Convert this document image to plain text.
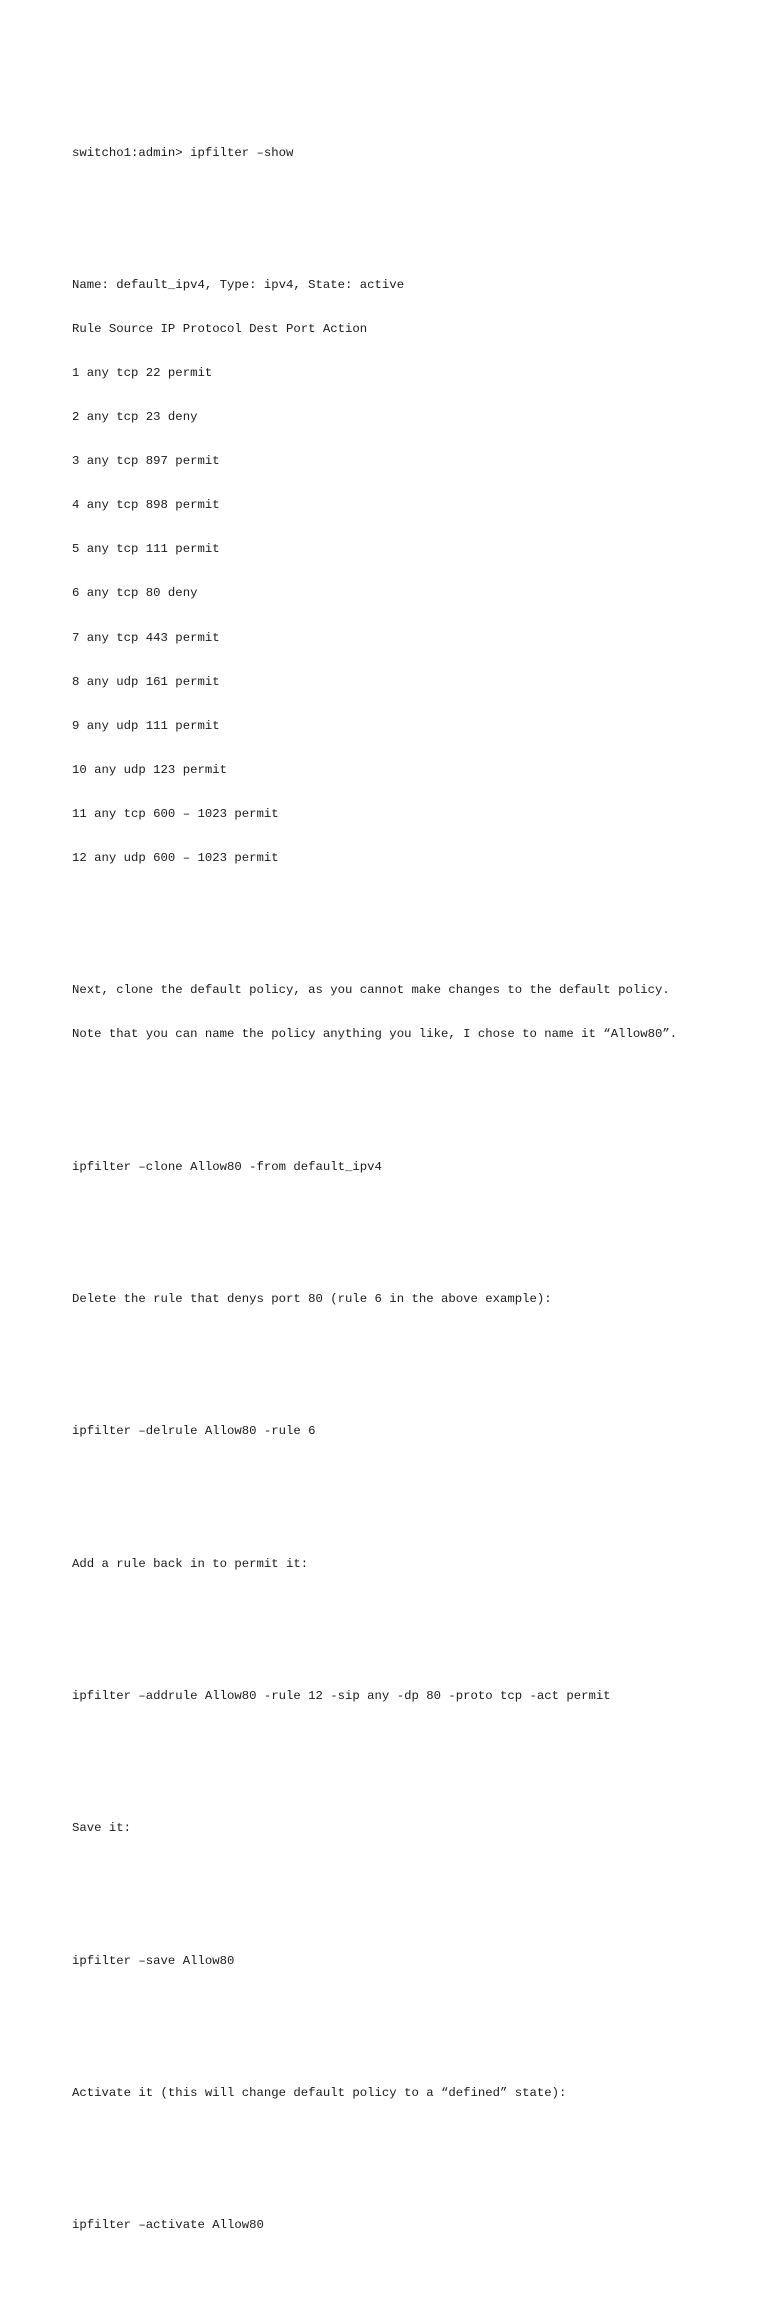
switcho1:admin> ipfilter –show

Name: default_ipv4, Type: ipv4, State: active

Rule Source IP Protocol Dest Port Action

1 any tcp 22 permit

2 any tcp 23 deny

3 any tcp 897 permit

4 any tcp 898 permit

5 any tcp 111 permit

6 any tcp 80 deny

7 any tcp 443 permit

8 any udp 161 permit

9 any udp 111 permit

10 any udp 123 permit

11 any tcp 600 – 1023 permit

12 any udp 600 – 1023 permit

Next, clone the default policy, as you cannot make changes to the default policy.

Note that you can name the policy anything you like, I chose to name it “Allow80”.

ipfilter –clone Allow80 -from default_ipv4

Delete the rule that denys port 80 (rule 6 in the above example):

ipfilter –delrule Allow80 -rule 6

Add a rule back in to permit it:

ipfilter –addrule Allow80 -rule 12 -sip any -dp 80 -proto tcp -act permit

Save it:

ipfilter –save Allow80

Activate it (this will change default policy to a “defined” state):

ipfilter –activate Allow80
